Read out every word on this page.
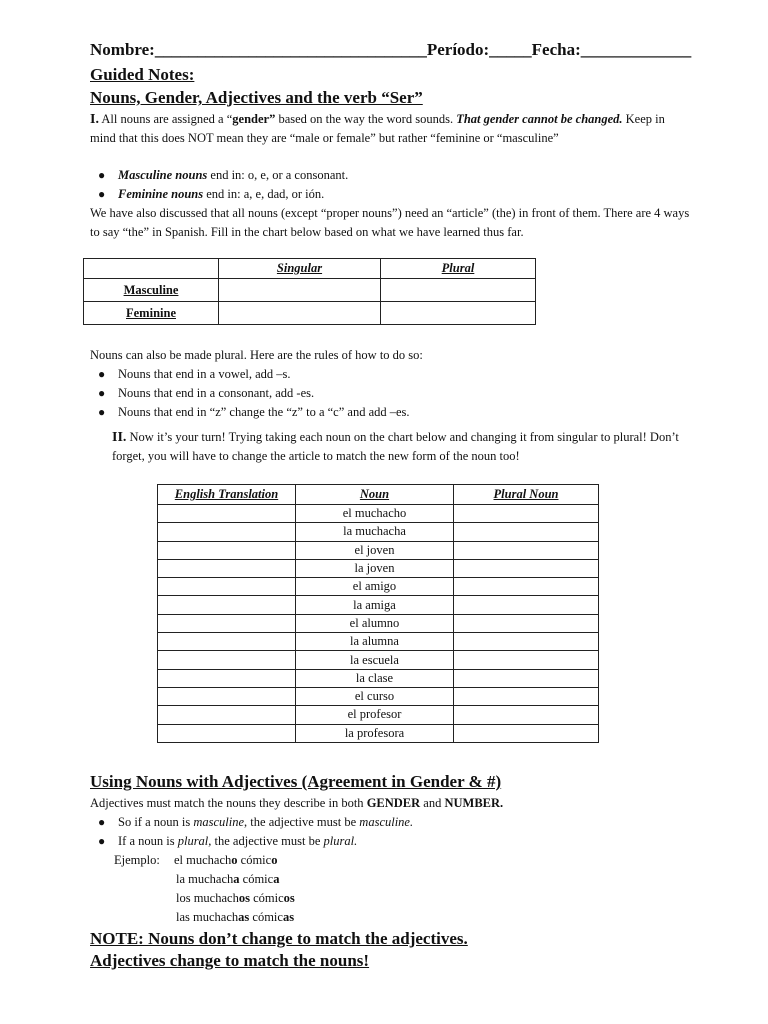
Nombre:________________________________Período:_____Fecha:_____________
Guided Notes:
Nouns, Gender, Adjectives and the verb “Ser”
I. All nouns are assigned a “gender” based on the way the word sounds. That gender cannot be changed. Keep in mind that this does NOT mean they are “male or female” but rather “feminine or “masculine”
● Masculine nouns end in: o, e, or a consonant.
● Feminine nouns end in: a, e, dad, or ión.
We have also discussed that all nouns (except “proper nouns”) need an “article” (the) in front of them. There are 4 ways to say “the” in Spanish. Fill in the chart below based on what we have learned thus far.
	Singular	Plural
Masculine		
Feminine		
Nouns can also be made plural. Here are the rules of how to do so:
● Nouns that end in a vowel, add –s.
● Nouns that end in a consonant, add -es.
● Nouns that end in “z” change the “z” to a “c” and add –es.
II. Now it’s your turn! Trying taking each noun on the chart below and changing it from singular to plural! Don’t forget, you will have to change the article to match the new form of the noun too!
English Translation	Noun	Plural Noun
	el muchacho	
	la muchacha	
	el joven	
	la joven	
	el amigo	
	la amiga	
	el alumno	
	la alumna	
	la escuela	
	la clase	
	el curso	
	el profesor	
	la profesora	
Using Nouns with Adjectives (Agreement in Gender & #)
Adjectives must match the nouns they describe in both GENDER and NUMBER.
● So if a noun is masculine, the adjective must be masculine.
● If a noun is plural, the adjective must be plural.
Ejemplo: el muchacho cómico
la muchacha cómica
los muchachos cómicos
las muchachas cómicas
NOTE: Nouns don’t change to match the adjectives.
Adjectives change to match the nouns!
